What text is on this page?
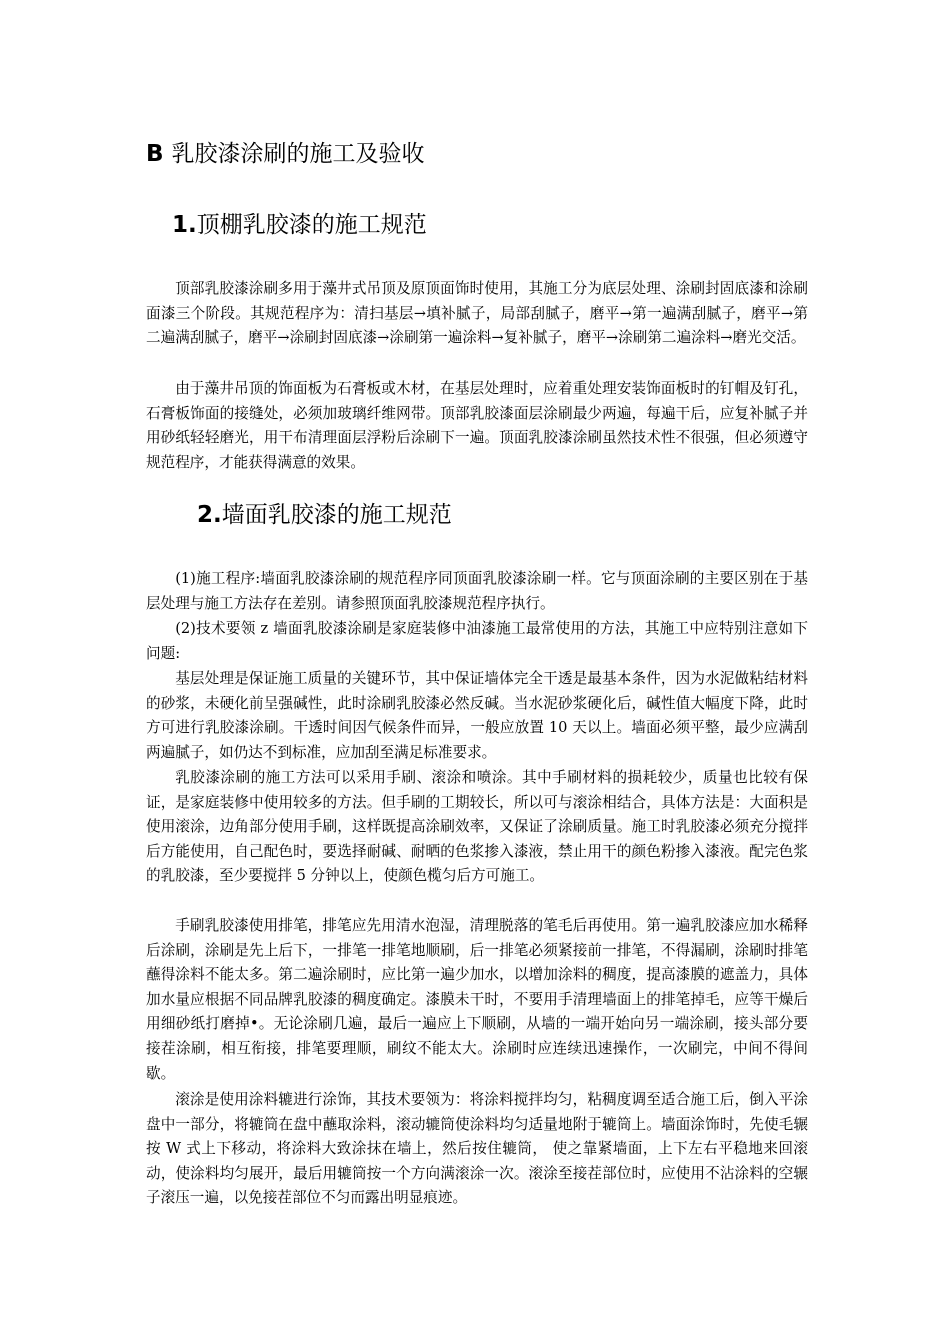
B 乳胶漆涂刷的施工及验收
1.顶棚乳胶漆的施工规范

顶部乳胶漆涂刷多用于藻井式吊顶及原顶面饰时使用，其施工分为底层处理、涂刷封固底漆和涂刷面漆三个阶段。其规范程序为：清扫基层→填补腻子，局部刮腻子，磨平→第一遍满刮腻子，磨平→第二遍满刮腻子，磨平→涂刷封固底漆→涂刷第一遍涂料→复补腻子，磨平→涂刷第二遍涂料→磨光交活。

由于藻井吊顶的饰面板为石膏板或木材，在基层处理时，应着重处理安装饰面板时的钉帽及钉孔，石膏板饰面的接缝处，必须加玻璃纤维网带。顶部乳胶漆面层涂刷最少两遍，每遍干后，应复补腻子并用砂纸轻轻磨光，用干布清理面层浮粉后涂刷下一遍。顶面乳胶漆涂刷虽然技术性不很强，但必须遵守规范程序，才能获得满意的效果。

2.墙面乳胶漆的施工规范

(1)施工程序:墙面乳胶漆涂刷的规范程序同顶面乳胶漆涂刷一样。它与顶面涂刷的主要区别在于基层处理与施工方法存在差别。请参照顶面乳胶漆规范程序执行。

(2)技术要领 z 墙面乳胶漆涂刷是家庭装修中油漆施工最常使用的方法，其施工中应特别注意如下问题:

基层处理是保证施工质量的关键环节，其中保证墙体完全干透是最基本条件，因为水泥做粘结材料的砂浆，未硬化前呈强碱性，此时涂刷乳胶漆必然反碱。当水泥砂浆硬化后，碱性值大幅度下降，此时方可进行乳胶漆涂刷。干透时间因气候条件而异，一般应放置 10 天以上。墙面必须平整，最少应满刮两遍腻子，如仍达不到标准，应加刮至满足标准要求。

乳胶漆涂刷的施工方法可以采用手刷、滚涂和喷涂。其中手刷材料的损耗较少，质量也比较有保证，是家庭装修中使用较多的方法。但手刷的工期较长，所以可与滚涂相结合，具体方法是：大面积是使用滚涂，边角部分使用手刷，这样既提高涂刷效率，又保证了涂刷质量。施工时乳胶漆必须充分搅拌后方能使用，自己配色时，要选择耐碱、耐晒的色浆掺入漆液，禁止用干的颜色粉掺入漆液。配完色浆的乳胶漆，至少要搅拌 5 分钟以上，使颜色榄匀后方可施工。

手刷乳胶漆使用排笔，排笔应先用清水泡湿，清理脱落的笔毛后再使用。第一遍乳胶漆应加水稀释后涂刷，涂刷是先上后下，一排笔一排笔地顺刷，后一排笔必须紧接前一排笔，不得漏刷，涂刷时排笔蘸得涂料不能太多。第二遍涂刷时，应比第一遍少加水，以增加涂料的稠度，提高漆膜的遮盖力，具体加水量应根据不同品牌乳胶漆的稠度确定。漆膜未干时，不要用手清理墙面上的排笔掉毛，应等干燥后用细砂纸打磨掉•。无论涂刷几遍，最后一遍应上下顺刷，从墙的一端开始向另一端涂刷，接头部分要接茬涂刷，相互衔接，排笔要理顺，刷纹不能太大。涂刷时应连续迅速操作，一次刷完，中间不得间歇。

滚涂是使用涂料辘进行涂饰，其技术要领为：将涂料搅拌均匀，粘稠度调至适合施工后，倒入平涂盘中一部分，将辘筒在盘中蘸取涂料，滚动辘筒使涂料均匀适量地附于辘筒上。墙面涂饰时，先使毛辗按 W 式上下移动，将涂料大致涂抹在墙上，然后按住辘筒， 使之靠紧墙面，上下左右平稳地来回滚动，使涂料均匀展开，最后用辘筒按一个方向满滚涂一次。滚涂至接茬部位时，应使用不沾涂料的空辗子滚压一遍，以免接茬部位不匀而露出明显痕迹。
